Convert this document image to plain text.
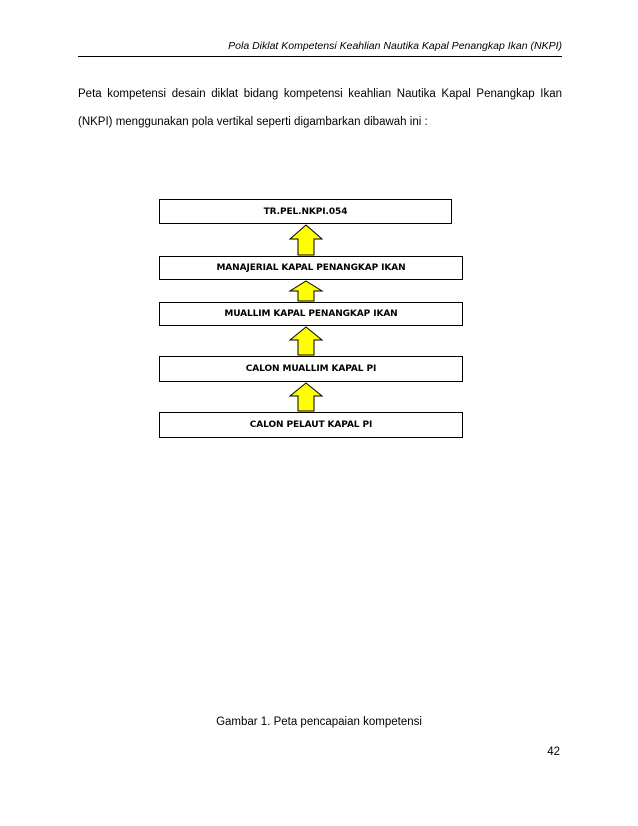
Pola Diklat Kompetensi Keahlian Nautika Kapal Penangkap Ikan (NKPI)
Peta kompetensi desain diklat bidang kompetensi keahlian Nautika Kapal Penangkap Ikan
(NKPI) menggunakan pola vertikal seperti digambarkan dibawah ini :
TR.PEL.NKPI.054
MANAJERIAL KAPAL PENANGKAP IKAN
MUALLIM KAPAL PENANGKAP IKAN
CALON MUALLIM KAPAL PI
CALON PELAUT KAPAL PI
Gambar 1. Peta pencapaian kompetensi
42
